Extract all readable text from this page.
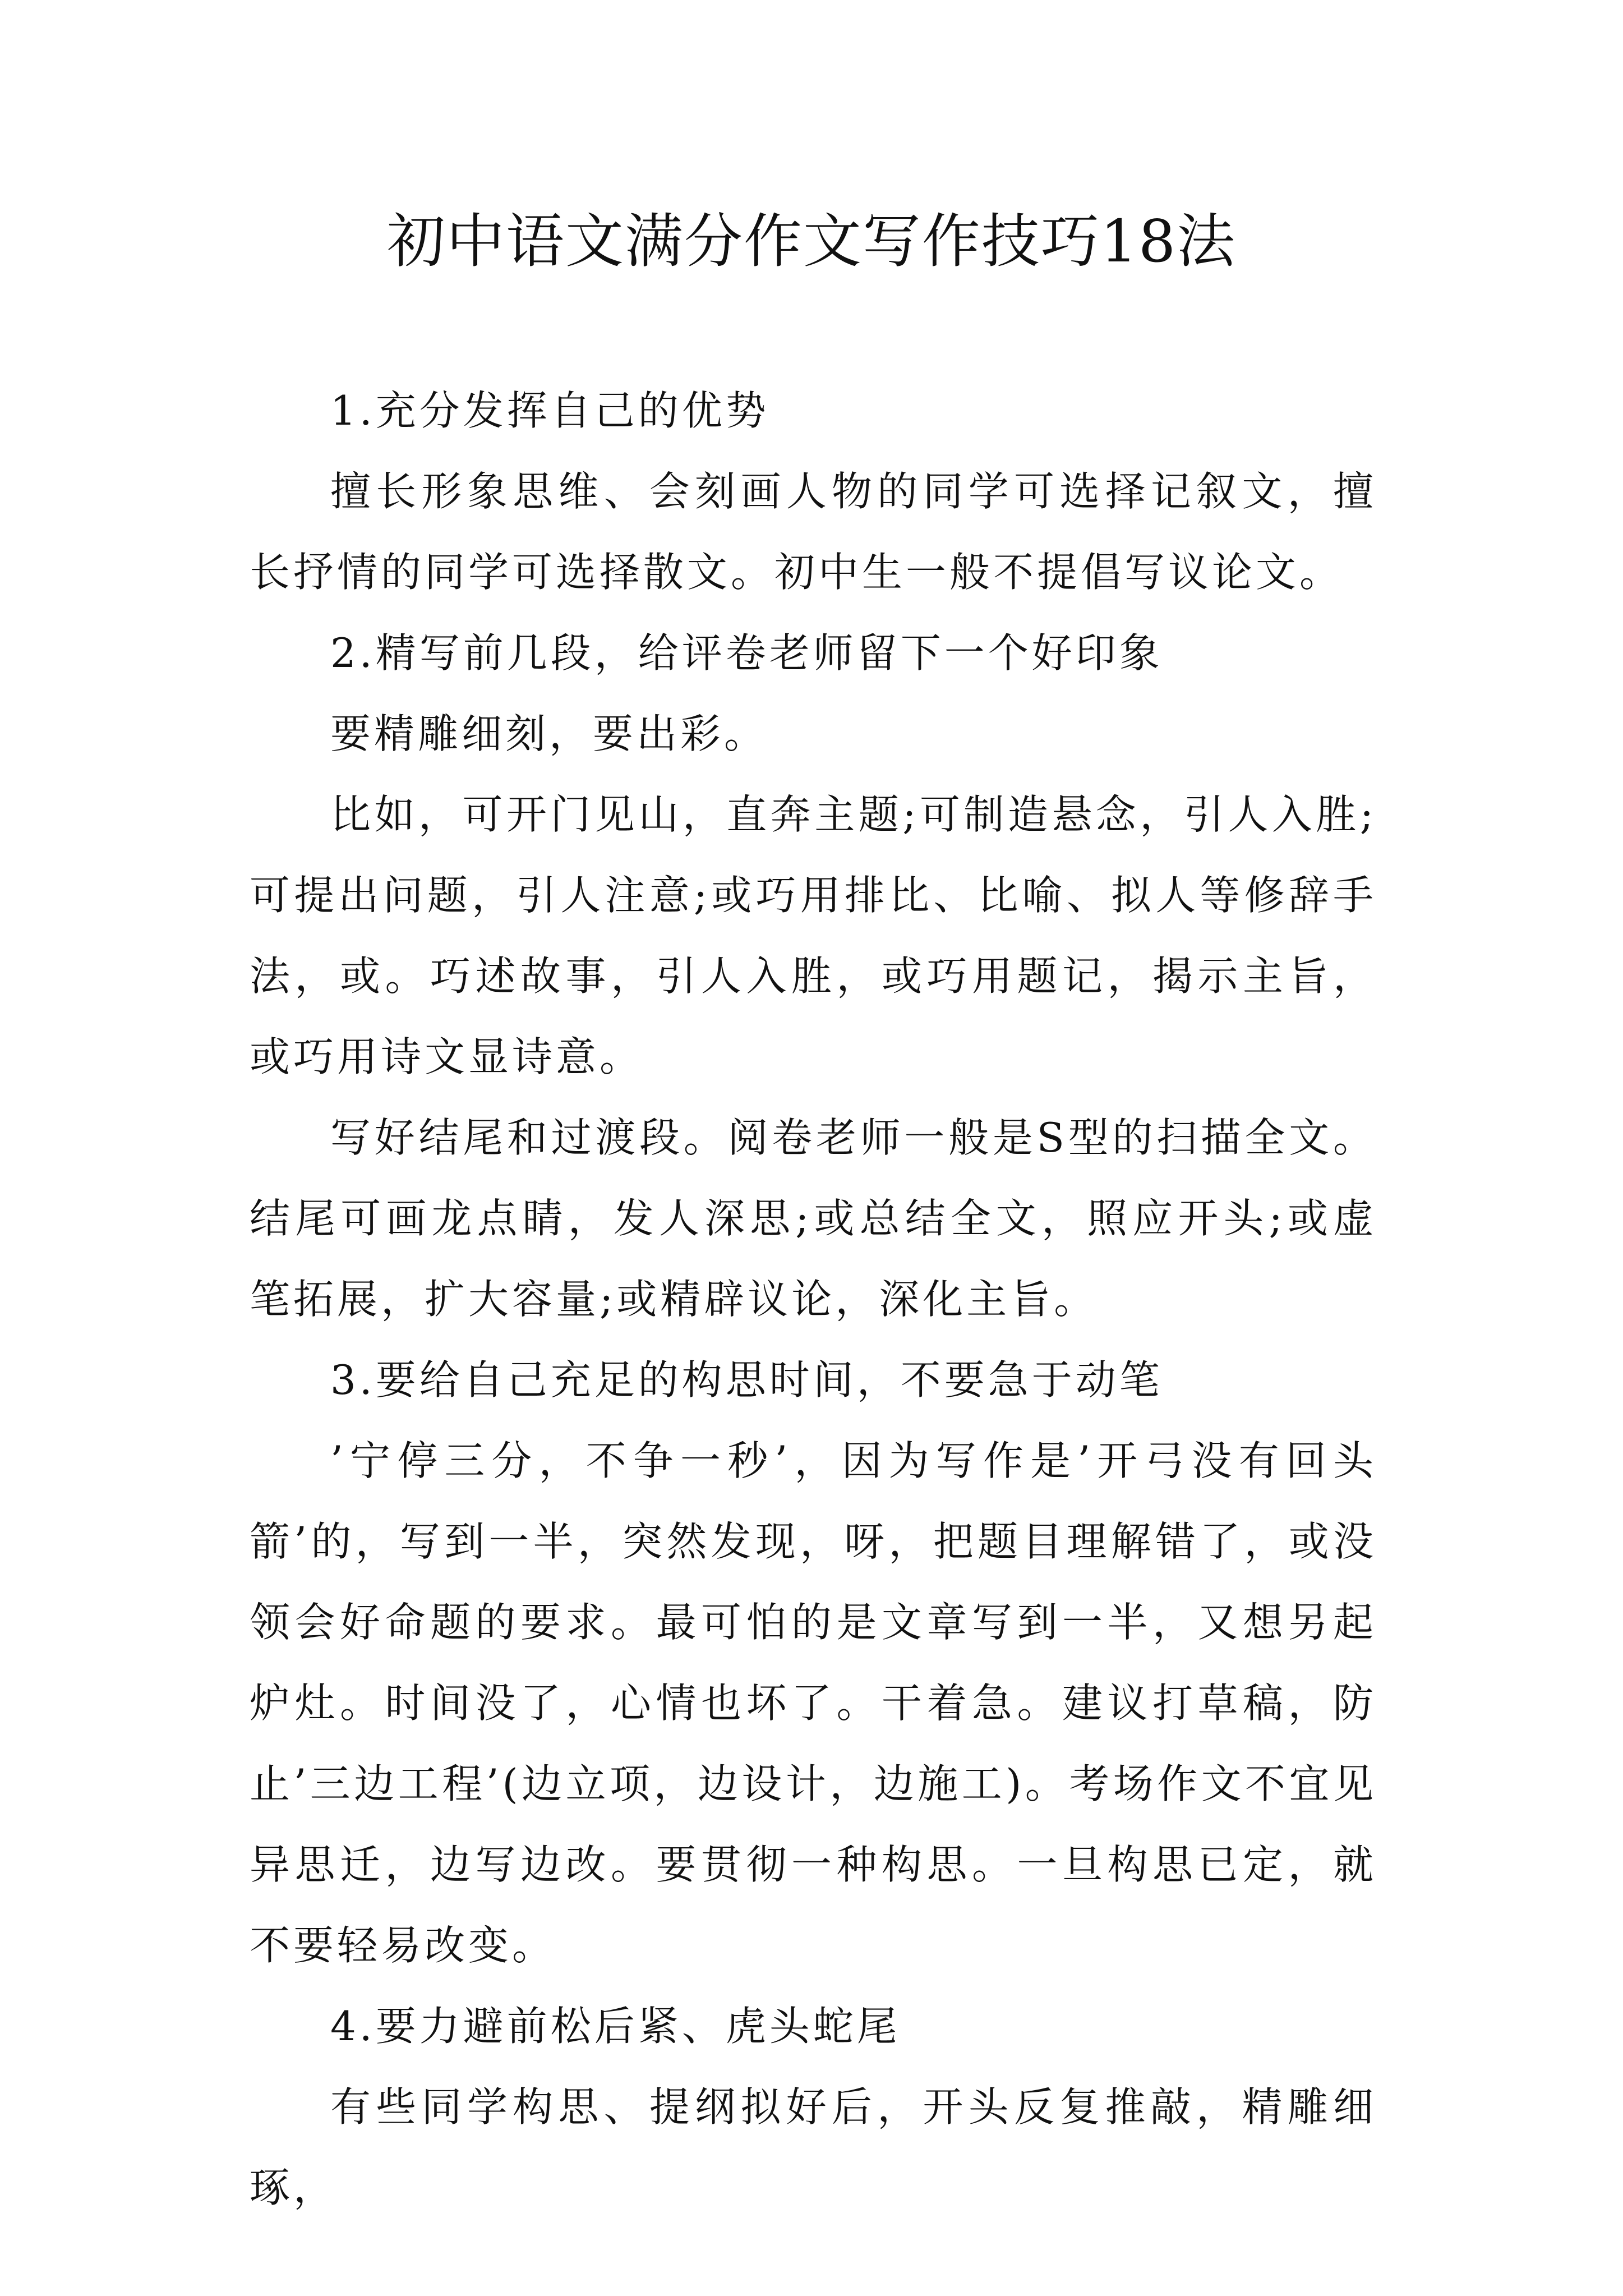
初中语文满分作文写作技巧18法

1.充分发挥自己的优势

擅长形象思维、会刻画人物的同学可选择记叙文，擅长抒情的同学可选择散文。初中生一般不提倡写议论文。

2.精写前几段，给评卷老师留下一个好印象

要精雕细刻，要出彩。

比如，可开门见山，直奔主题;可制造悬念，引人入胜;可提出问题，引人注意;或巧用排比、比喻、拟人等修辞手法，或。巧述故事，引人入胜，或巧用题记，揭示主旨，或巧用诗文显诗意。

写好结尾和过渡段。阅卷老师一般是S型的扫描全文。结尾可画龙点睛，发人深思;或总结全文，照应开头;或虚笔拓展，扩大容量;或精辟议论，深化主旨。

3.要给自己充足的构思时间，不要急于动笔

’宁停三分，不争一秒’，因为写作是’开弓没有回头箭’的，写到一半，突然发现，呀，把题目理解错了，或没领会好命题的要求。最可怕的是文章写到一半，又想另起炉灶。时间没了，心情也坏了。干着急。建议打草稿，防止’三边工程’(边立项，边设计，边施工)。考场作文不宜见异思迁，边写边改。要贯彻一种构思。一旦构思已定，就不要轻易改变。

4.要力避前松后紧、虎头蛇尾

有些同学构思、提纲拟好后，开头反复推敲，精雕细琢，
